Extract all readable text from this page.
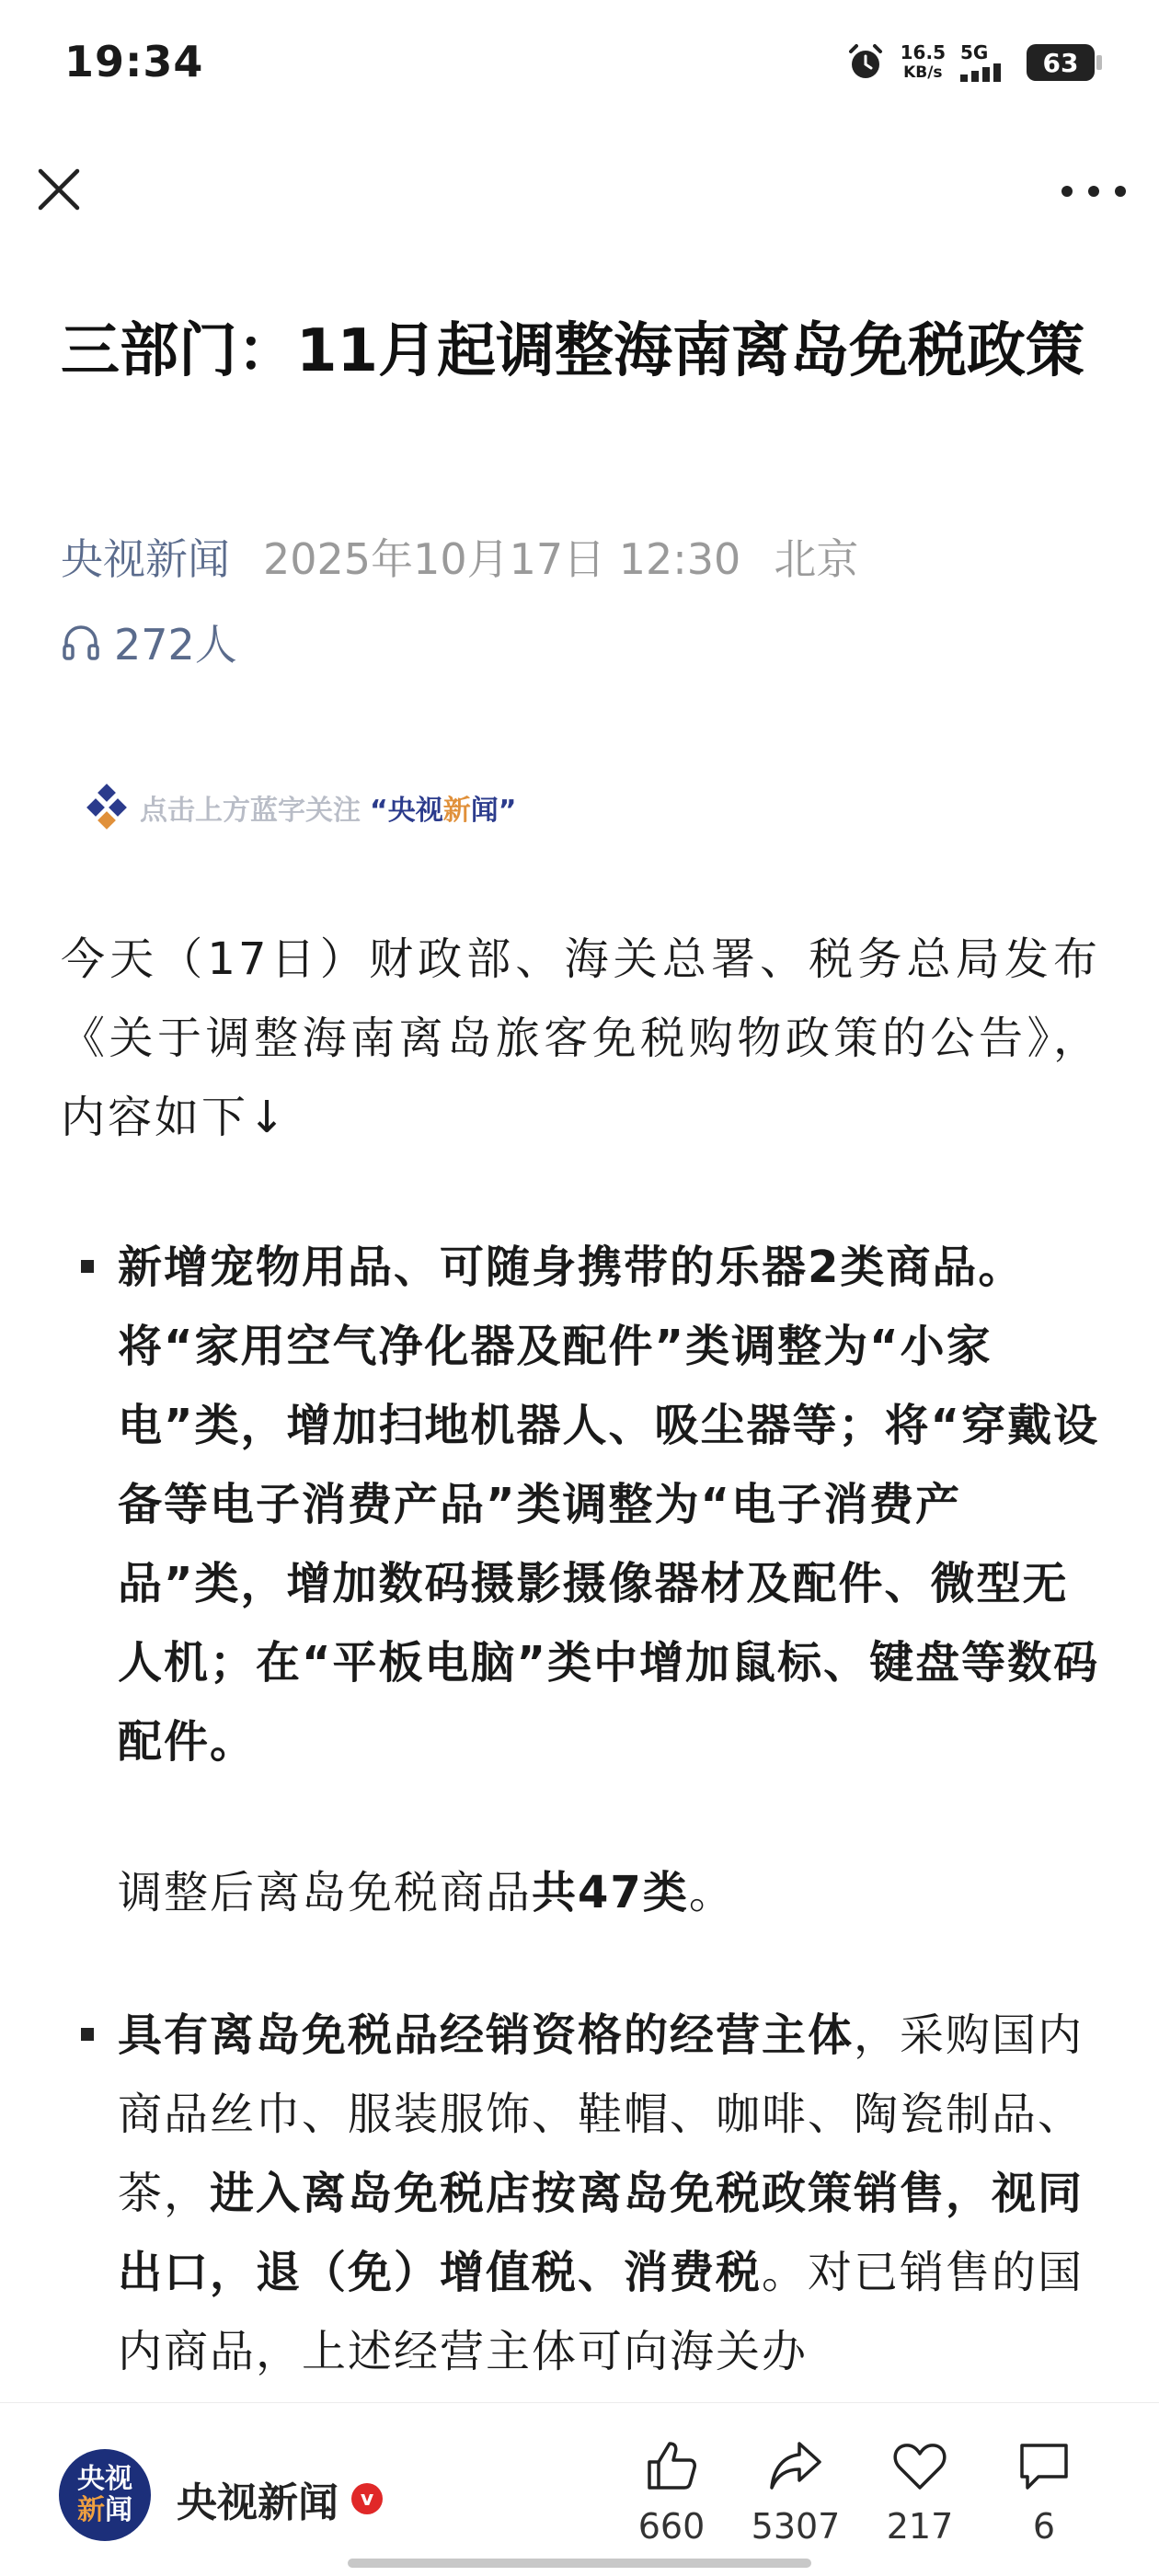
19:34	16.5
KB/s
5G 63
三部门：11月起调整海南离岛免税政策
央视新闻 2025年10月17日 12:30 北京
272人
点击上方蓝字关注 “央视新闻”
今天（17日）财政部、海关总署、税务总局发布《关于调整海南离岛旅客免税购物政策的公告》，内容如下↓
新增宠物用品、可随身携带的乐器2类商品。将“家用空气净化器及配件”类调整为“小家电”类，增加扫地机器人、吸尘器等；将“穿戴设备等电子消费产品”类调整为“电子消费产品”类，增加数码摄影摄像器材及配件、微型无人机；在“平板电脑”类中增加鼠标、键盘等数码配件。
调整后离岛免税商品共47类。
具有离岛免税品经销资格的经营主体，采购国内商品丝巾、服装服饰、鞋帽、咖啡、陶瓷制品、茶，进入离岛免税店按离岛免税政策销售，视同出口，退（免）增值税、消费税。对已销售的国内商品，上述经营主体可向海关办
央视
新闻 央视新闻	v
660 5307 217 6
